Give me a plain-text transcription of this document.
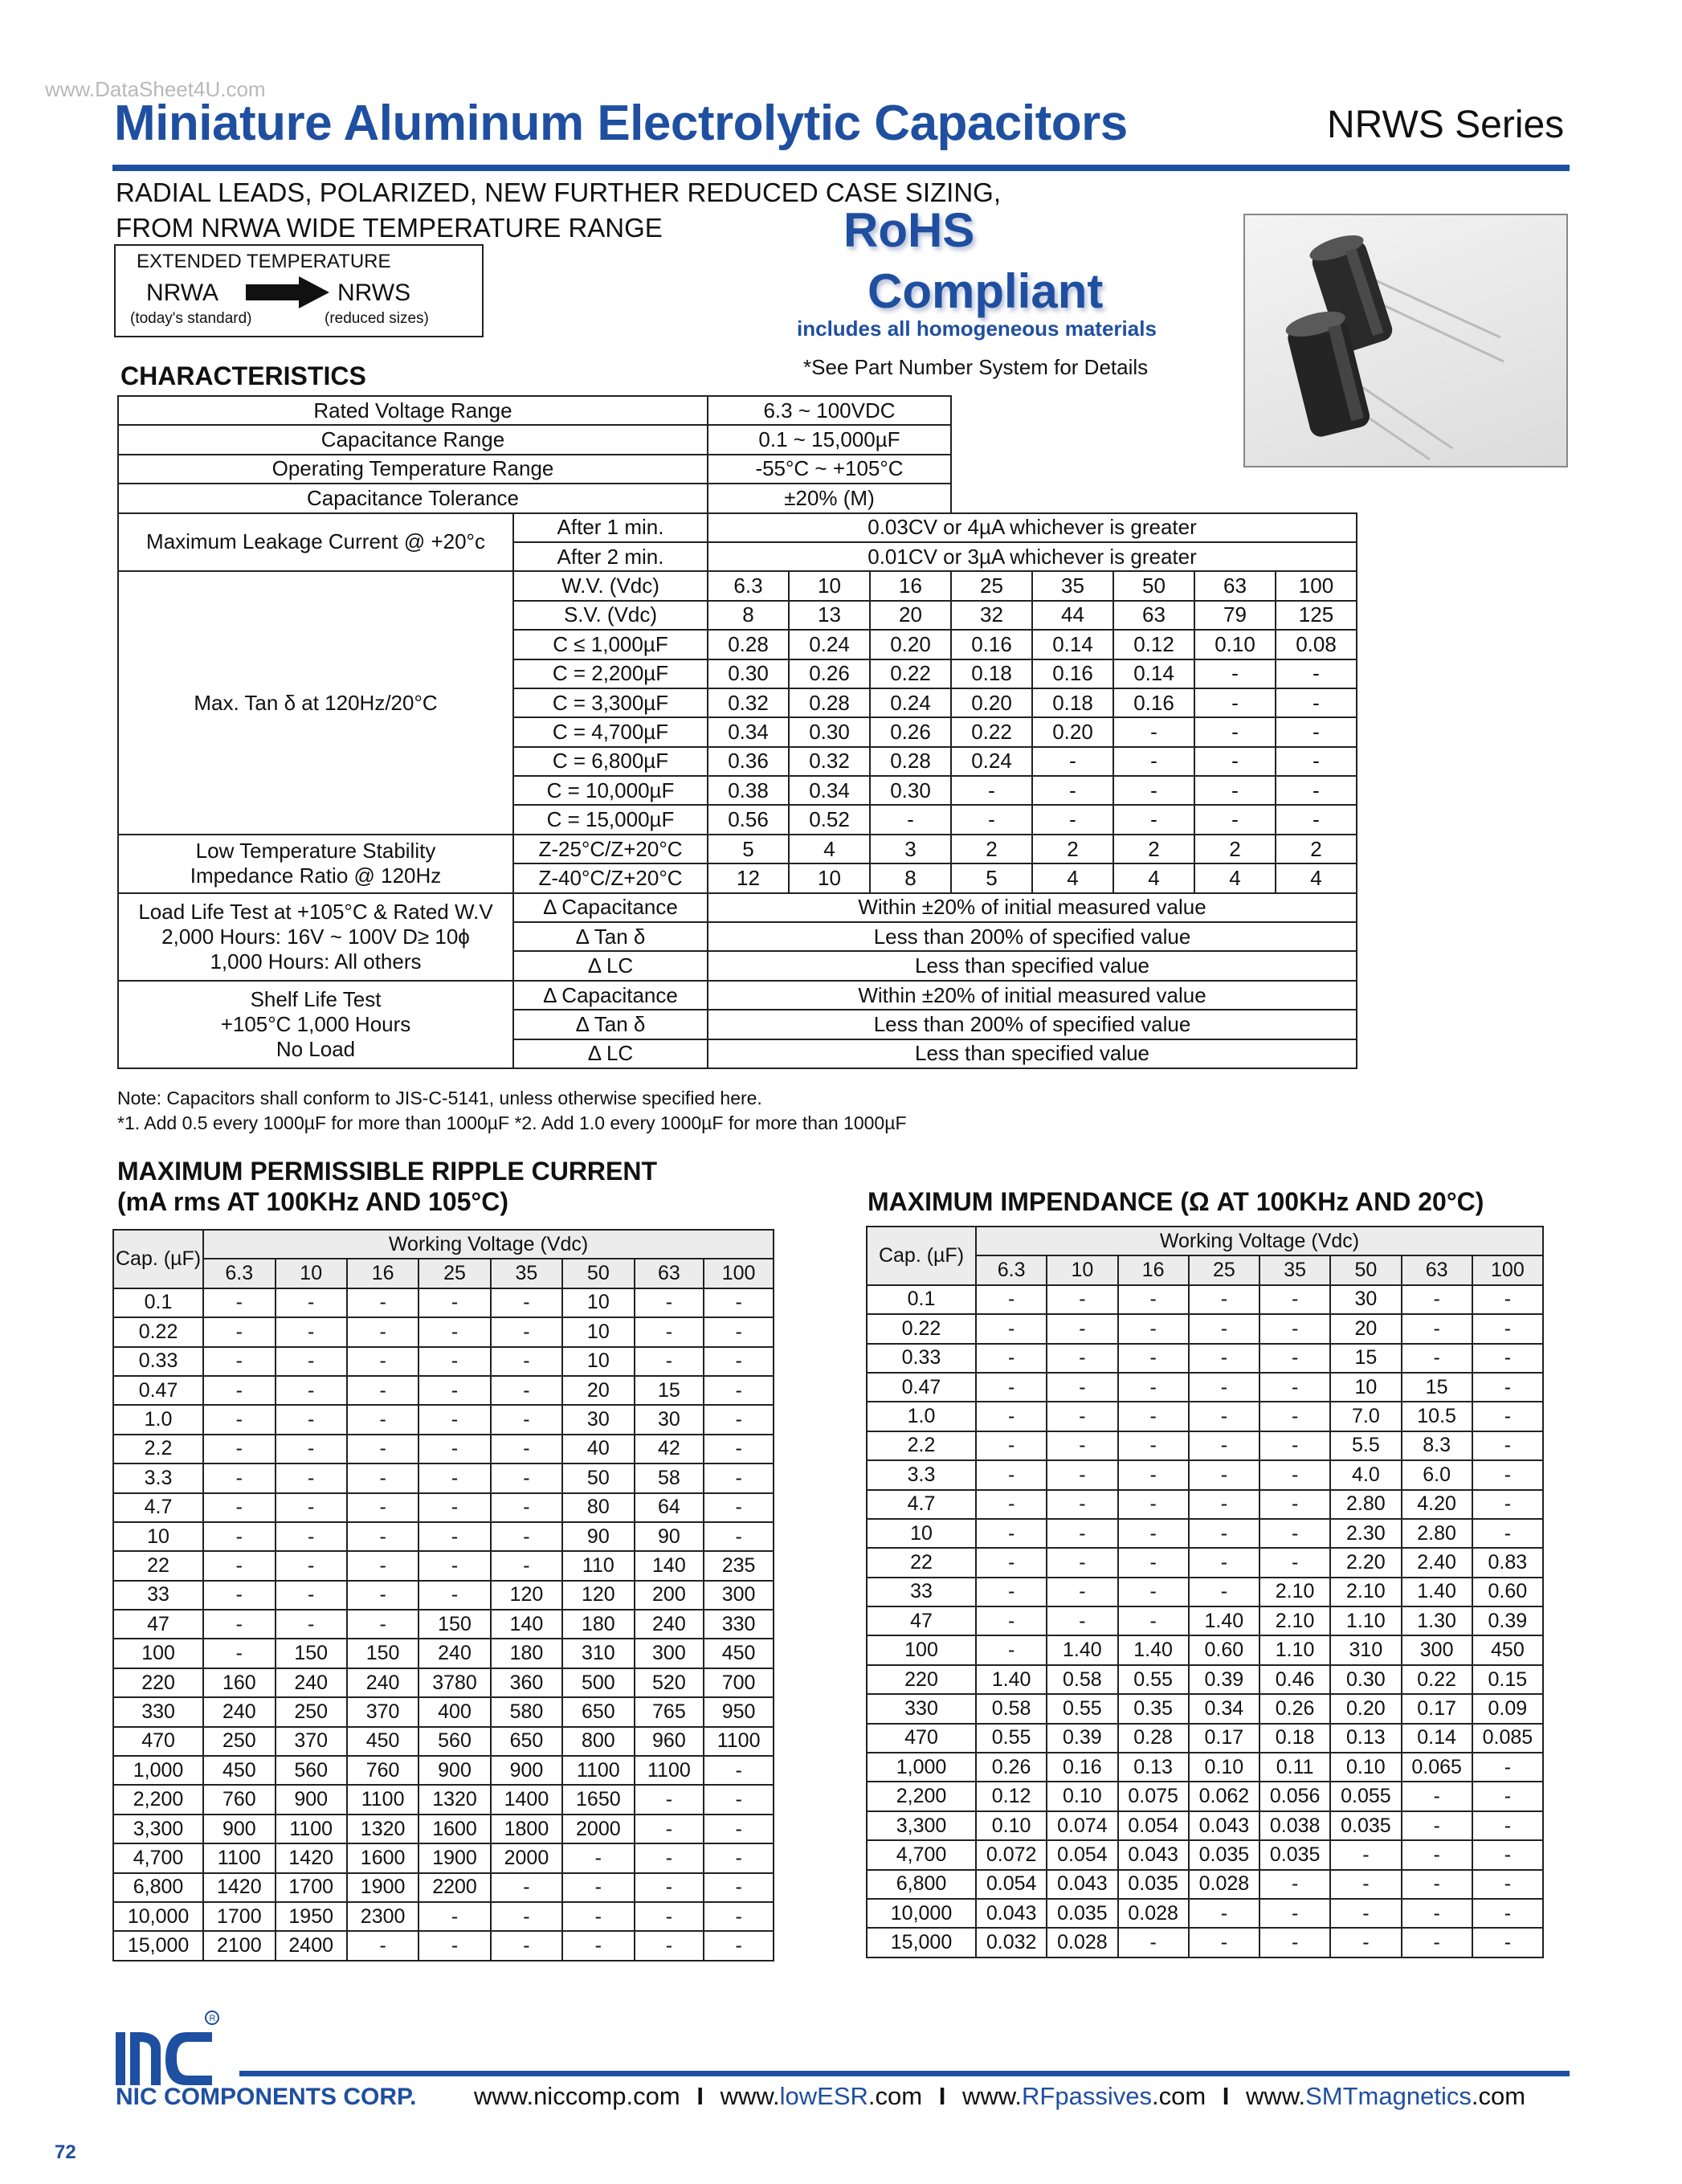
www.DataSheet4U.com
Miniature Aluminum Electrolytic Capacitors	NRWS Series
RADIAL LEADS, POLARIZED, NEW FURTHER REDUCED CASE SIZING,
FROM NRWA WIDE TEMPERATURE RANGE
EXTENDED TEMPERATURE
NRWA	NRWS
(today's standard)	(reduced sizes)
RoHS
Compliant
includes all homogeneous materials
*See Part Number System for Details
CHARACTERISTICS
Rated Voltage Range		6.3 ~ 100VDC							
Capacitance Range		0.1 ~ 15,000µF							
Operating Temperature Range		-55°C ~ +105°C							
Capacitance Tolerance		±20% (M)							
Maximum Leakage Current @ +20°c	After 1 min.	0.03CV or 4µA whichever is greater							
	After 2 min.	0.01CV or 3µA whichever is greater							
Max. Tan δ at 120Hz/20°C	W.V. (Vdc)	6.3	10	16	25	35	50	63	100
	S.V. (Vdc)	8	13	20	32	44	63	79	125
	C ≤ 1,000µF	0.28	0.24	0.20	0.16	0.14	0.12	0.10	0.08
	C = 2,200µF	0.30	0.26	0.22	0.18	0.16	0.14	-	-
	C = 3,300µF	0.32	0.28	0.24	0.20	0.18	0.16	-	-
	C = 4,700µF	0.34	0.30	0.26	0.22	0.20	-	-	-
	C = 6,800µF	0.36	0.32	0.28	0.24	-	-	-	-
	C = 10,000µF	0.38	0.34	0.30	-	-	-	-	-
	C = 15,000µF	0.56	0.52	-	-	-	-	-	-

Low Temperature Stability
Impedance Ratio @ 120Hz	Z-25°C/Z+20°C	5	4	3	2	2	2	2	2
	Z-40°C/Z+20°C	12	10	8	5	4	4	4	4

Load Life Test at +105°C & Rated W.V
2,000 Hours: 16V ~ 100V D≥ 10ϕ
1,000 Hours: All others	Δ Capacitance	Within ±20% of initial measured value							
	Δ Tan δ	Less than 200% of specified value							
	Δ LC	Less than specified value							

Shelf Life Test
+105°C 1,000 Hours
No Load	Δ Capacitance	Within ±20% of initial measured value							
	Δ Tan δ	Less than 200% of specified value							
	Δ LC	Less than specified value							
Note: Capacitors shall conform to JIS-C-5141, unless otherwise specified here.
*1. Add 0.5 every 1000µF for more than 1000µF *2. Add 1.0 every 1000µF for more than 1000µF
MAXIMUM PERMISSIBLE RIPPLE CURRENT
(mA rms AT 100KHz AND 105°C)	MAXIMUM IMPENDANCE (Ω AT 100KHz AND 20°C)
Cap. (µF)	Working Voltage (Vdc)							
	6.3	10	16	25	35	50	63	100
0.1	-	-	-	-	-	10	-	-
0.22	-	-	-	-	-	10	-	-
0.33	-	-	-	-	-	10	-	-
0.47	-	-	-	-	-	20	15	-
1.0	-	-	-	-	-	30	30	-
2.2	-	-	-	-	-	40	42	-
3.3	-	-	-	-	-	50	58	-
4.7	-	-	-	-	-	80	64	-
10	-	-	-	-	-	90	90	-
22	-	-	-	-	-	110	140	235
33	-	-	-	-	120	120	200	300
47	-	-	-	150	140	180	240	330
100	-	150	150	240	180	310	300	450
220	160	240	240	3780	360	500	520	700
330	240	250	370	400	580	650	765	950
470	250	370	450	560	650	800	960	1100
1,000	450	560	760	900	900	1100	1100	-
2,200	760	900	1100	1320	1400	1650	-	-
3,300	900	1100	1320	1600	1800	2000	-	-
4,700	1100	1420	1600	1900	2000	-	-	-
6,800	1420	1700	1900	2200	-	-	-	-
10,000	1700	1950	2300	-	-	-	-	-
15,000	2100	2400	-	-	-	-	-	-
Cap. (µF)	Working Voltage (Vdc)							
	6.3	10	16	25	35	50	63	100
0.1	-	-	-	-	-	30	-	-
0.22	-	-	-	-	-	20	-	-
0.33	-	-	-	-	-	15	-	-
0.47	-	-	-	-	-	10	15	-
1.0	-	-	-	-	-	7.0	10.5	-
2.2	-	-	-	-	-	5.5	8.3	-
3.3	-	-	-	-	-	4.0	6.0	-
4.7	-	-	-	-	-	2.80	4.20	-
10	-	-	-	-	-	2.30	2.80	-
22	-	-	-	-	-	2.20	2.40	0.83
33	-	-	-	-	2.10	2.10	1.40	0.60
47	-	-	-	1.40	2.10	1.10	1.30	0.39
100	-	1.40	1.40	0.60	1.10	310	300	450
220	1.40	0.58	0.55	0.39	0.46	0.30	0.22	0.15
330	0.58	0.55	0.35	0.34	0.26	0.20	0.17	0.09
470	0.55	0.39	0.28	0.17	0.18	0.13	0.14	0.085
1,000	0.26	0.16	0.13	0.10	0.11	0.10	0.065	-
2,200	0.12	0.10	0.075	0.062	0.056	0.055	-	-
3,300	0.10	0.074	0.054	0.043	0.038	0.035	-	-
4,700	0.072	0.054	0.043	0.035	0.035	-	-	-
6,800	0.054	0.043	0.035	0.028	-	-	-	-
10,000	0.043	0.035	0.028	-	-	-	-	-
15,000	0.032	0.028	-	-	-	-	-	-
R
NIC COMPONENTS CORP. www.niccomp.com I www.lowESR.com I www.RFpassives.com I www.SMTmagnetics.com
72
